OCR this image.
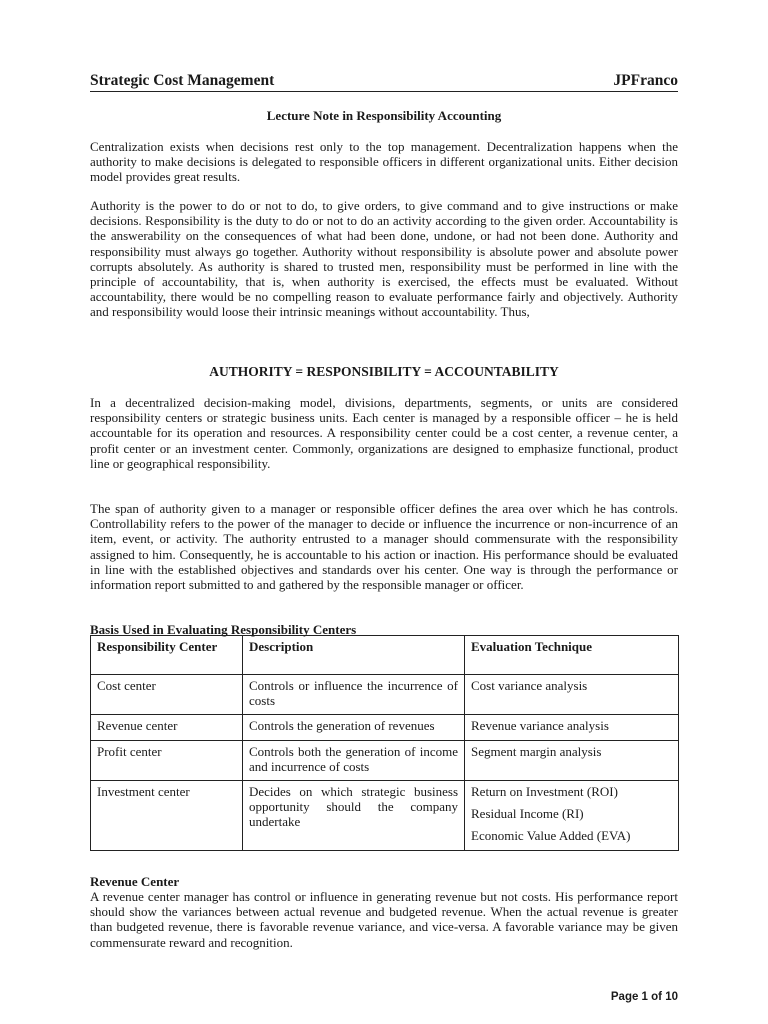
Strategic Cost Management	JPFranco
Lecture Note in Responsibility Accounting

Centralization exists when decisions rest only to the top management. Decentralization happens when the authority to make decisions is delegated to responsible officers in different organizational units. Either decision model provides great results.

Authority is the power to do or not to do, to give orders, to give command and to give instructions or make decisions. Responsibility is the duty to do or not to do an activity according to the given order. Accountability is the answerability on the consequences of what had been done, undone, or had not been done. Authority and responsibility must always go together. Authority without responsibility is absolute power and absolute power corrupts absolutely. As authority is shared to trusted men, responsibility must be performed in line with the principle of accountability, that is, when authority is exercised, the effects must be evaluated. Without accountability, there would be no compelling reason to evaluate performance fairly and objectively. Authority and responsibility would loose their intrinsic meanings without accountability. Thus,

AUTHORITY = RESPONSIBILITY = ACCOUNTABILITY

In a decentralized decision-making model, divisions, departments, segments, or units are considered responsibility centers or strategic business units. Each center is managed by a responsible officer – he is held accountable for its operation and resources. A responsibility center could be a cost center, a revenue center, a profit center or an investment center. Commonly, organizations are designed to emphasize functional, product line or geographical responsibility.

The span of authority given to a manager or responsible officer defines the area over which he has controls. Controllability refers to the power of the manager to decide or influence the incurrence or non-incurrence of an item, event, or activity. The authority entrusted to a manager should commensurate with the responsibility assigned to him. Consequently, he is accountable to his action or inaction. His performance should be evaluated in line with the established objectives and standards over his center. One way is through the performance or information report submitted to and gathered by the responsible manager or officer.

Basis Used in Evaluating Responsibility Centers
Responsibility Center	Description	Evaluation Technique
Cost center	Controls or influence the incurrence of costs	Cost variance analysis

Revenue center	Controls the generation of revenues	Revenue variance analysis

Profit center	Controls both the generation of income and incurrence of costs	Segment margin analysis

Investment center	Decides on which strategic business opportunity should the company undertake	Return on Investment (ROI)
Residual Income (RI)
Economic Value Added (EVA)
Revenue Center

A revenue center manager has control or influence in generating revenue but not costs. His performance report should show the variances between actual revenue and budgeted revenue. When the actual revenue is greater than budgeted revenue, there is favorable revenue variance, and vice-versa. A favorable variance may be given commensurate reward and recognition.

Page 1 of 10
